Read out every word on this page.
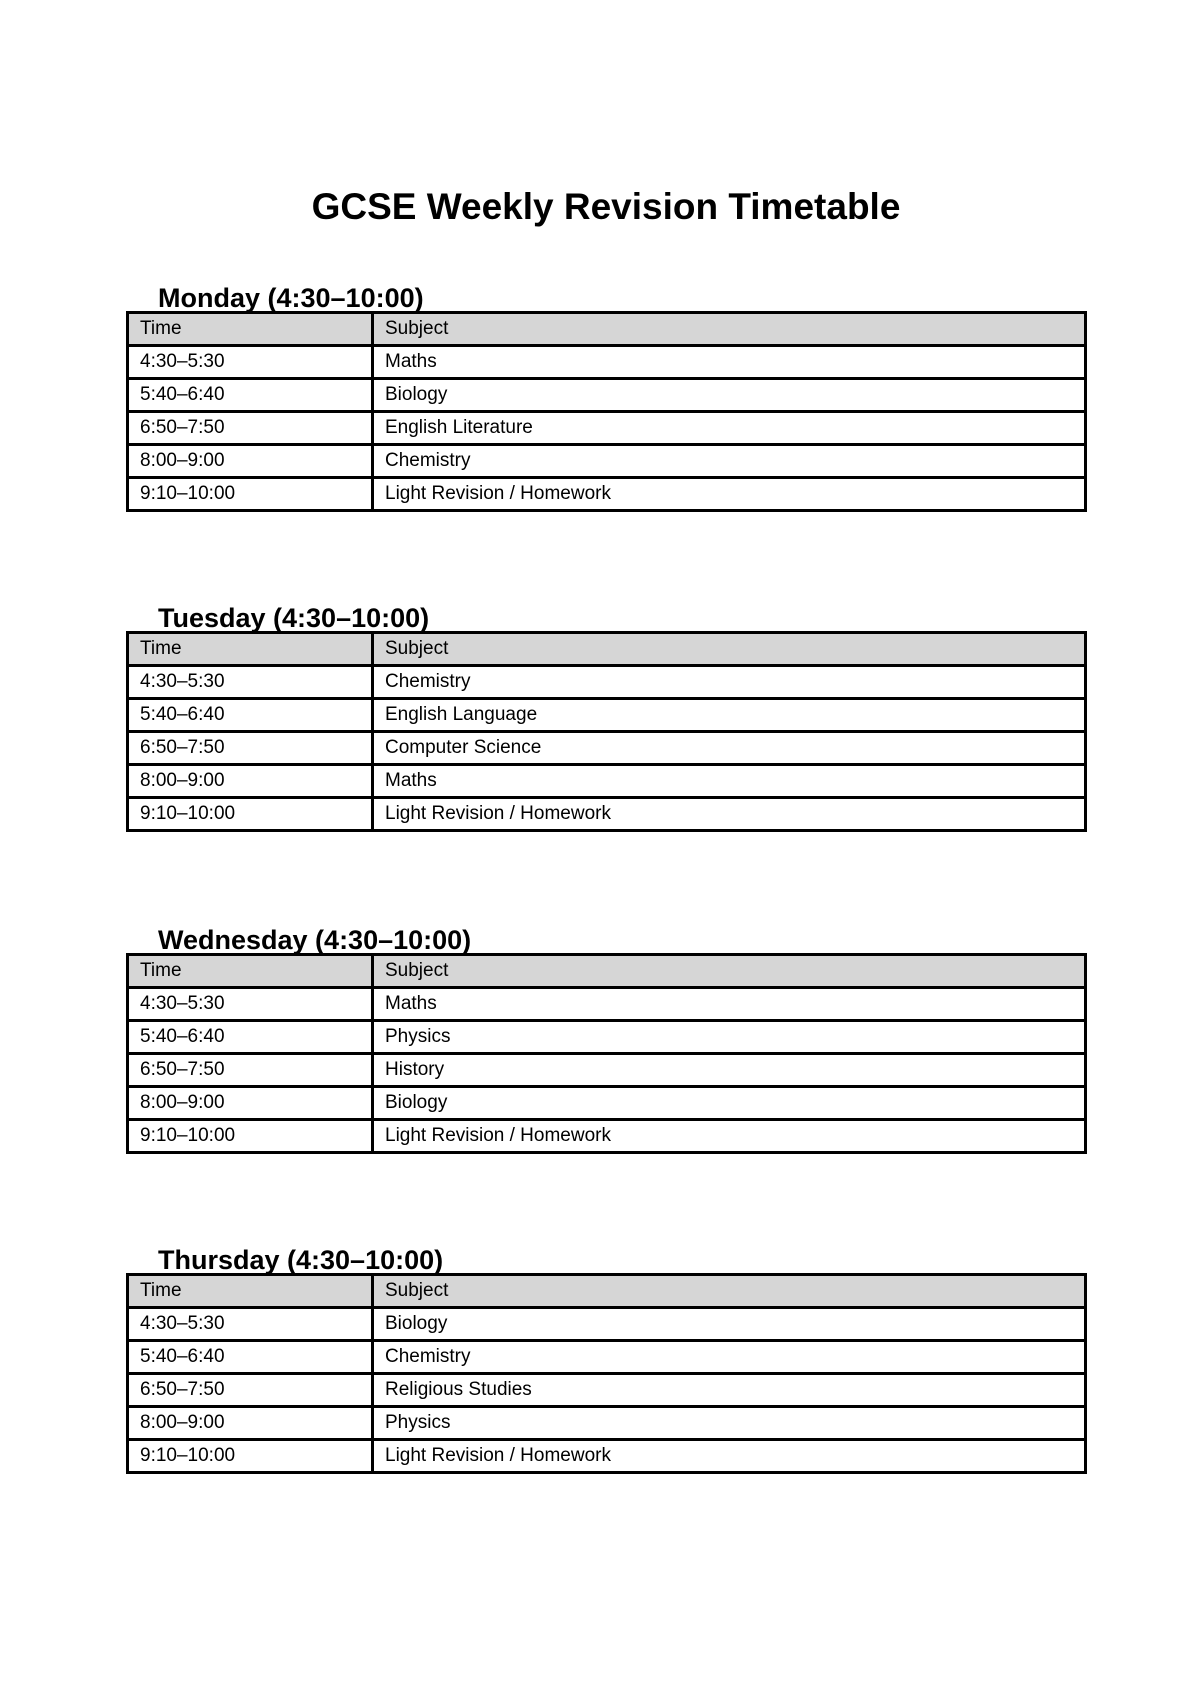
GCSE Weekly Revision Timetable
Monday (4:30–10:00)
Time	Subject
4:30–5:30	Maths
5:40–6:40	Biology
6:50–7:50	English Literature
8:00–9:00	Chemistry
9:10–10:00	Light Revision / Homework
Tuesday (4:30–10:00)
Time	Subject
4:30–5:30	Chemistry
5:40–6:40	English Language
6:50–7:50	Computer Science
8:00–9:00	Maths
9:10–10:00	Light Revision / Homework
Wednesday (4:30–10:00)
Time	Subject
4:30–5:30	Maths
5:40–6:40	Physics
6:50–7:50	History
8:00–9:00	Biology
9:10–10:00	Light Revision / Homework
Thursday (4:30–10:00)
Time	Subject
4:30–5:30	Biology
5:40–6:40	Chemistry
6:50–7:50	Religious Studies
8:00–9:00	Physics
9:10–10:00	Light Revision / Homework
